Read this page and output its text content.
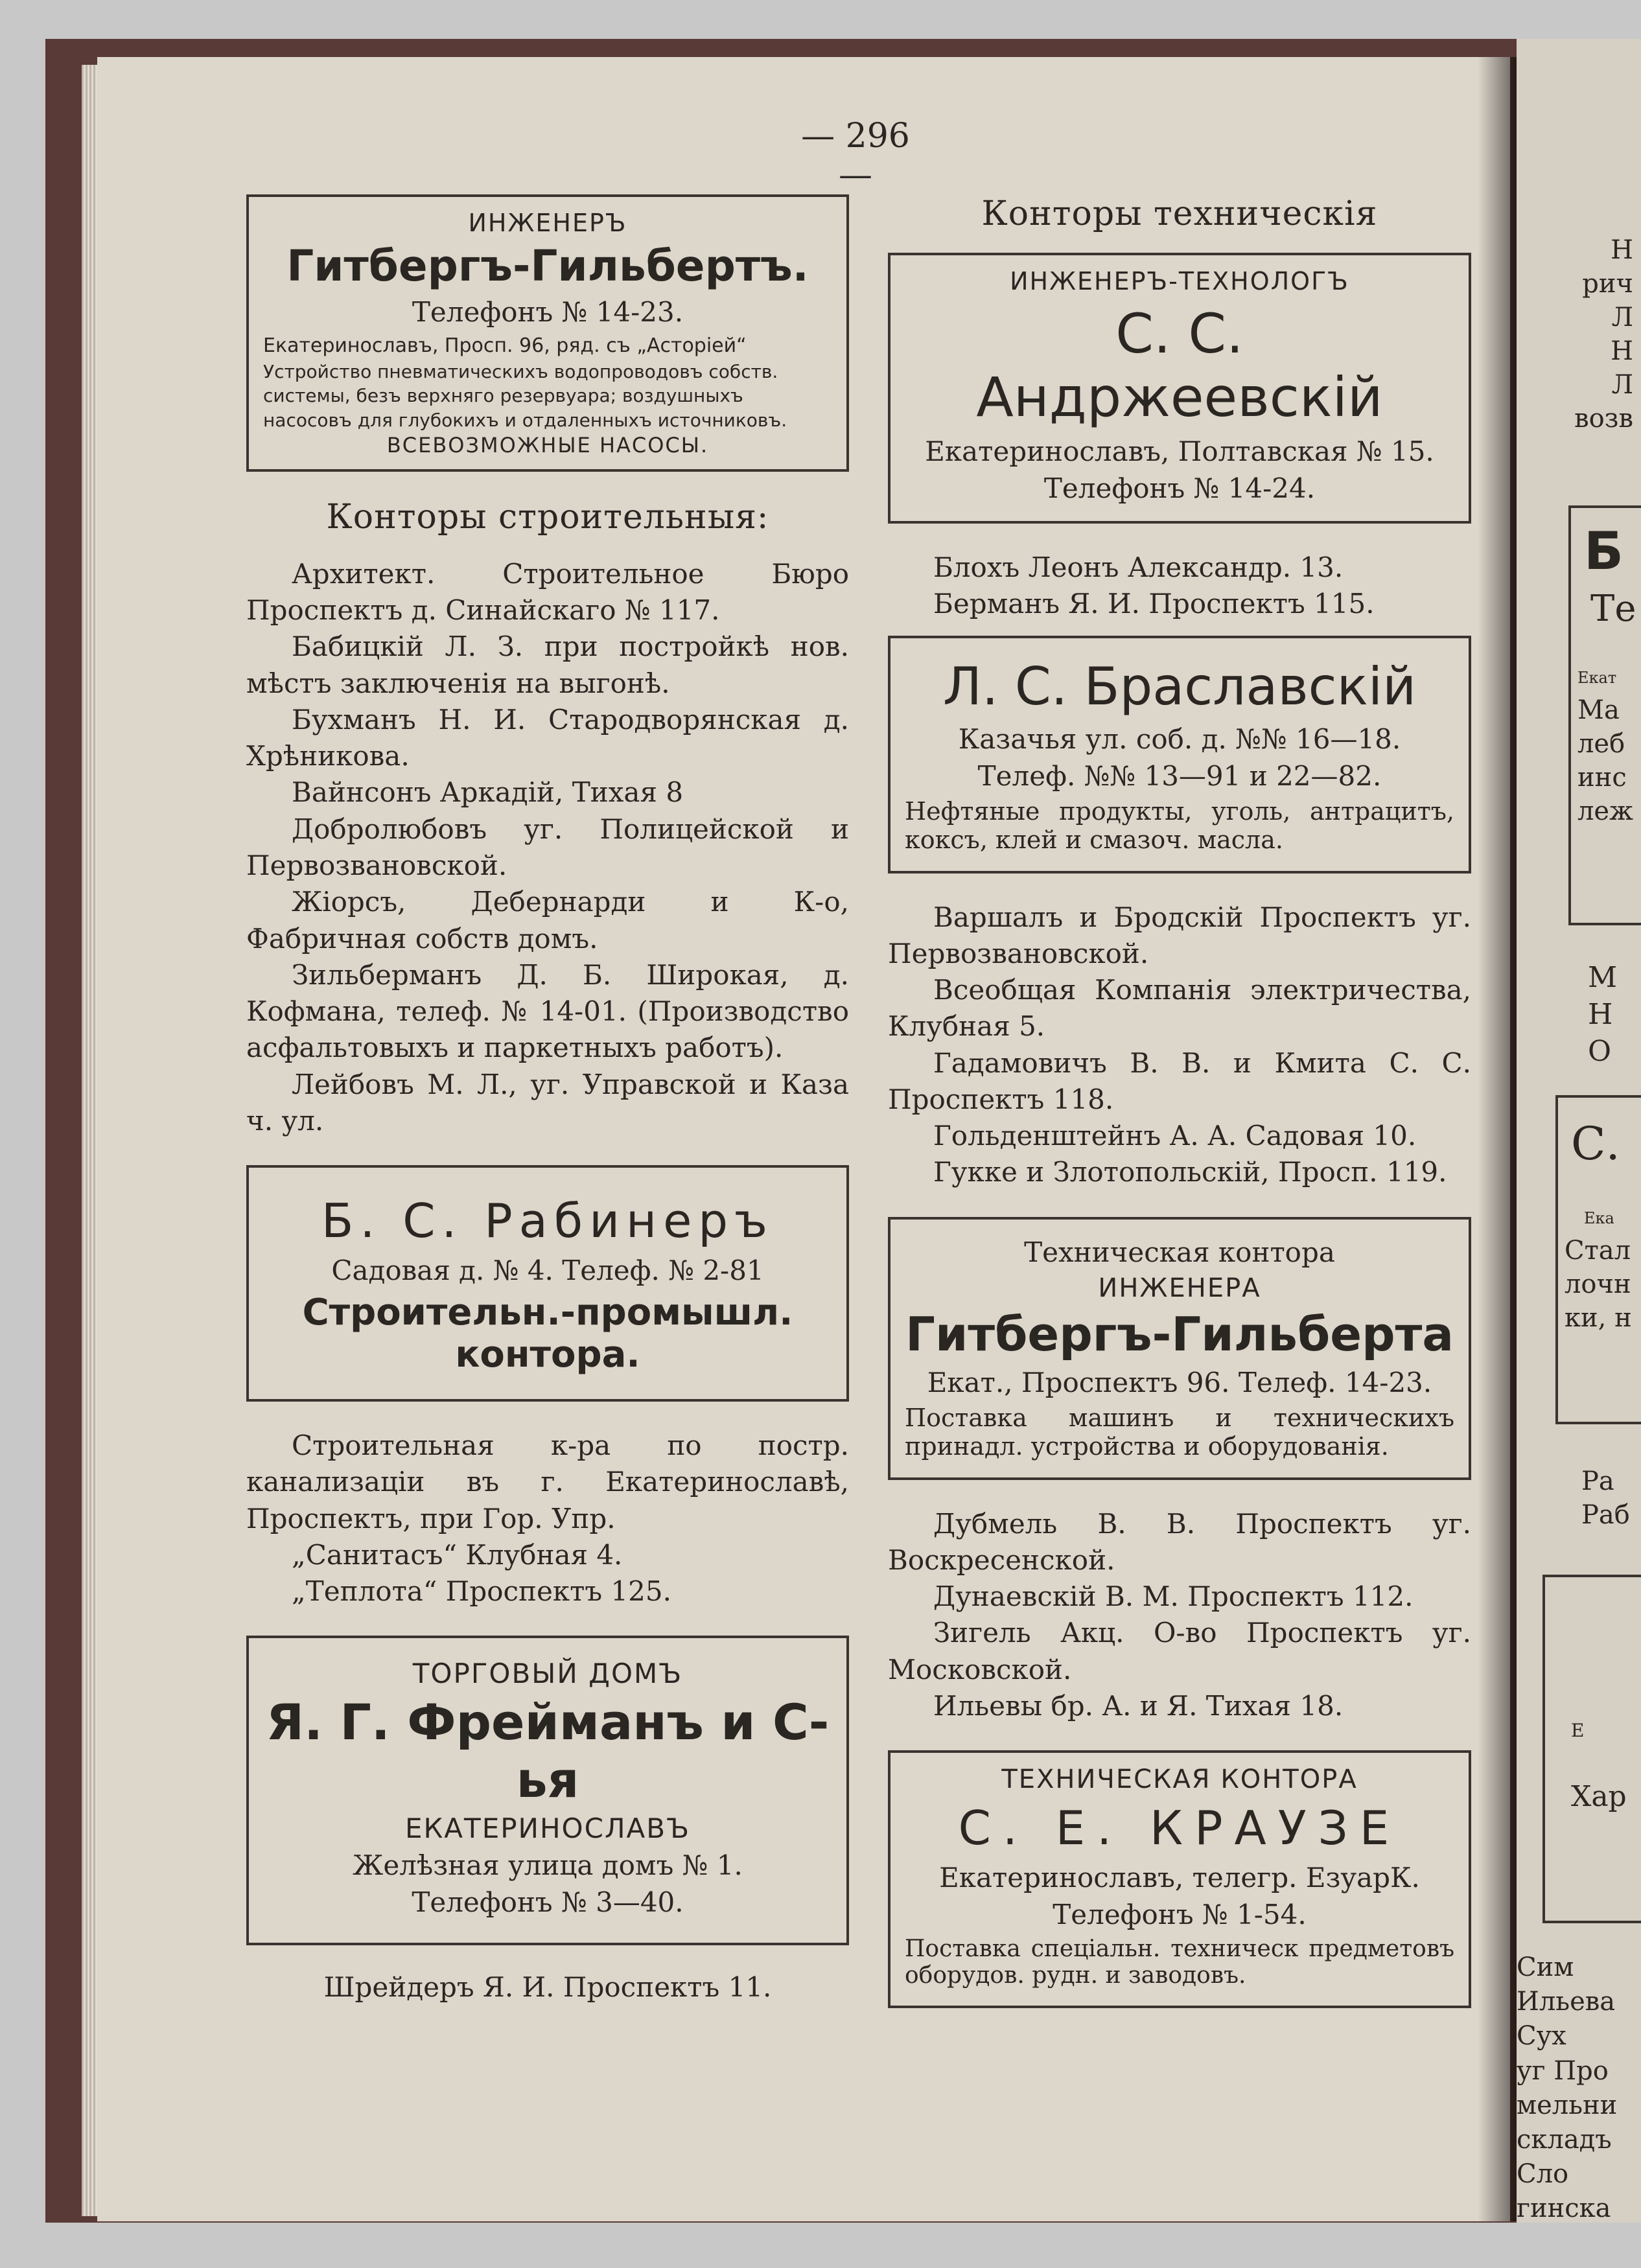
Н
рич
Л
Н
Л
возв
Б
Те
Екат
Ма
леб
инс
леж
М
Н
О
С.
Ека
Стал
лочн
ки, н
Ра
Раб
Е
Хар
Сим
Ильева
Сух
уг Про
мельни
складъ
Сло
гинска
— 296 —
ИНЖЕНЕРЪ
Гитбергъ-Гильбертъ.
Телефонъ № 14-23.
Екатеринославъ, Просп. 96, ряд. съ „Асторiей“
Устройство пневматическихъ водопроводовъ собств. системы, безъ верхняго резервуара; воздушныхъ насосовъ для глубокихъ и отдаленныхъ источниковъ.
ВСЕВОЗМОЖНЫЕ НАСОСЫ.
Конторы строительныя:

Архитект. Строительное Бюро Проспектъ д. Синайскаго № 117.

Бабицкiй Л. З. при постройкѣ нов. мѣстъ заключенiя на выгонѣ.

Бухманъ Н. И. Стародворянская д. Хрѣникова.

Вайнсонъ Аркадiй, Тихая 8

Добролюбовъ уг. Полицейской и Первозвановской.

Жiорсъ, Дебернарди и К-о, Фабричная собств домъ.

Зильберманъ Д. Б. Широкая, д. Кофмана, телеф. № 14-01. (Производство асфальтовыхъ и паркетныхъ работъ).

Лейбовъ М. Л., уг. Управской и Каза ч. ул.

Б. С. Рабинеръ
Садовая д. № 4. Телеф. № 2-81
Строительн.-промышл. контора.

Строительная к-ра по постр. канализацiи въ г. Екатеринославѣ, Проспектъ, при Гор. Упр.

„Санитасъ“ Клубная 4.

„Теплота“ Проспектъ 125.

ТОРГОВЫЙ ДОМЪ
Я. Г. Фрейманъ и С-ья
ЕКАТЕРИНОСЛАВЪ
Желѣзная улица домъ № 1.
Телефонъ № 3—40.
Шрейдеръ Я. И. Проспектъ 11.
Конторы техническiя
ИНЖЕНЕРЪ-ТЕХНОЛОГЪ
С. С. Андржеевскiй
Екатеринославъ, Полтавская № 15.
Телефонъ № 14-24.

Блохъ Леонъ Александр. 13.

Берманъ Я. И. Проспектъ 115.

Л. С. Браславскiй
Казачья ул. соб. д. №№ 16—18.
Телеф. №№ 13—91 и 22—82.
Нефтяные продукты, уголь, антрацитъ, коксъ, клей и смазоч. масла.

Варшалъ и Бродскiй Проспектъ уг. Первозвановской.

Всеобщая Компанiя электричества, Клубная 5.

Гадамовичъ В. В. и Кмита С. С. Проспектъ 118.

Гольденштейнъ А. А. Садовая 10.

Гукке и Злотопольскiй, Просп. 119.

Техническая контора
ИНЖЕНЕРА
Гитбергъ-Гильберта
Екат., Проспектъ 96. Телеф. 14-23.
Поставка машинъ и техническихъ принадл. устройства и оборудованiя.

Дубмель В. В. Проспектъ уг. Воскресенской.

Дунаевскiй В. М. Проспектъ 112.

Зигель Акц. О-во Проспектъ уг. Московской.

Ильевы бр. А. и Я. Тихая 18.

ТЕХНИЧЕСКАЯ КОНТОРА
С. Е. КРАУЗЕ
Екатеринославъ, телегр. ЕзуарК.
Телефонъ № 1-54.
Поставка спецiальн. техническ предметовъ оборудов. рудн. и заводовъ.
